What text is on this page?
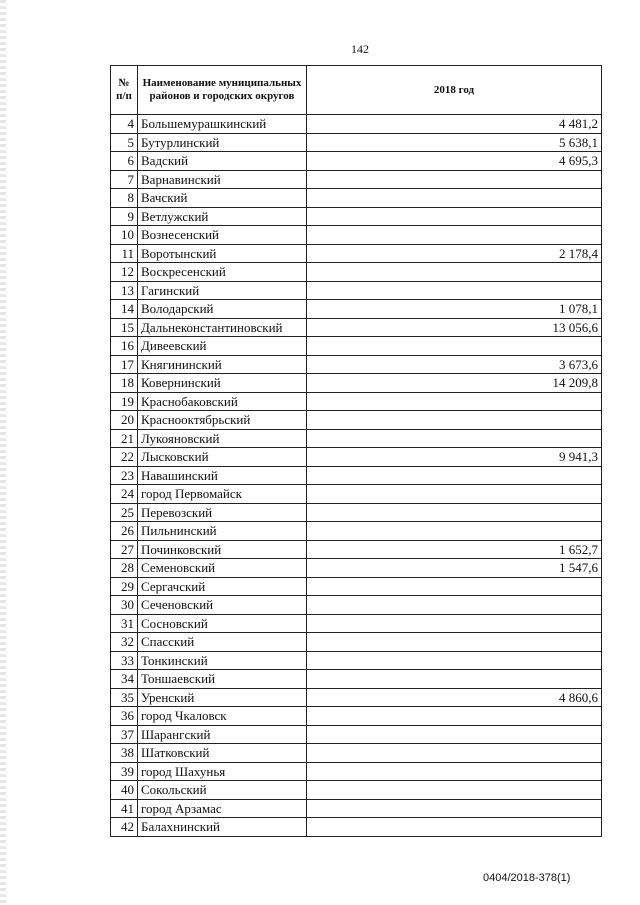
142
№ п/п	Наименование муниципальных районов и городских округов	2018 год
4	Большемурашкинский	4 481,2
5	Бутурлинский	5 638,1
6	Вадский	4 695,3
7	Варнавинский	
8	Вачский	
9	Ветлужский	
10	Вознесенский	
11	Воротынский	2 178,4
12	Воскресенский	
13	Гагинский	
14	Володарский	1 078,1
15	Дальнеконстантиновский	13 056,6
16	Дивеевский	
17	Княгининский	3 673,6
18	Ковернинский	14 209,8
19	Краснобаковский	
20	Краснооктябрьский	
21	Лукояновский	
22	Лысковский	9 941,3
23	Навашинский	
24	город Первомайск	
25	Перевозский	
26	Пильнинский	
27	Починковский	1 652,7
28	Семеновский	1 547,6
29	Сергачский	
30	Сеченовский	
31	Сосновский	
32	Спасский	
33	Тонкинский	
34	Тоншаевский	
35	Уренский	4 860,6
36	город Чкаловск	
37	Шарангский	
38	Шатковский	
39	город Шахунья	
40	Сокольский	
41	город Арзамас	
42	Балахнинский	
0404/2018-378(1)
